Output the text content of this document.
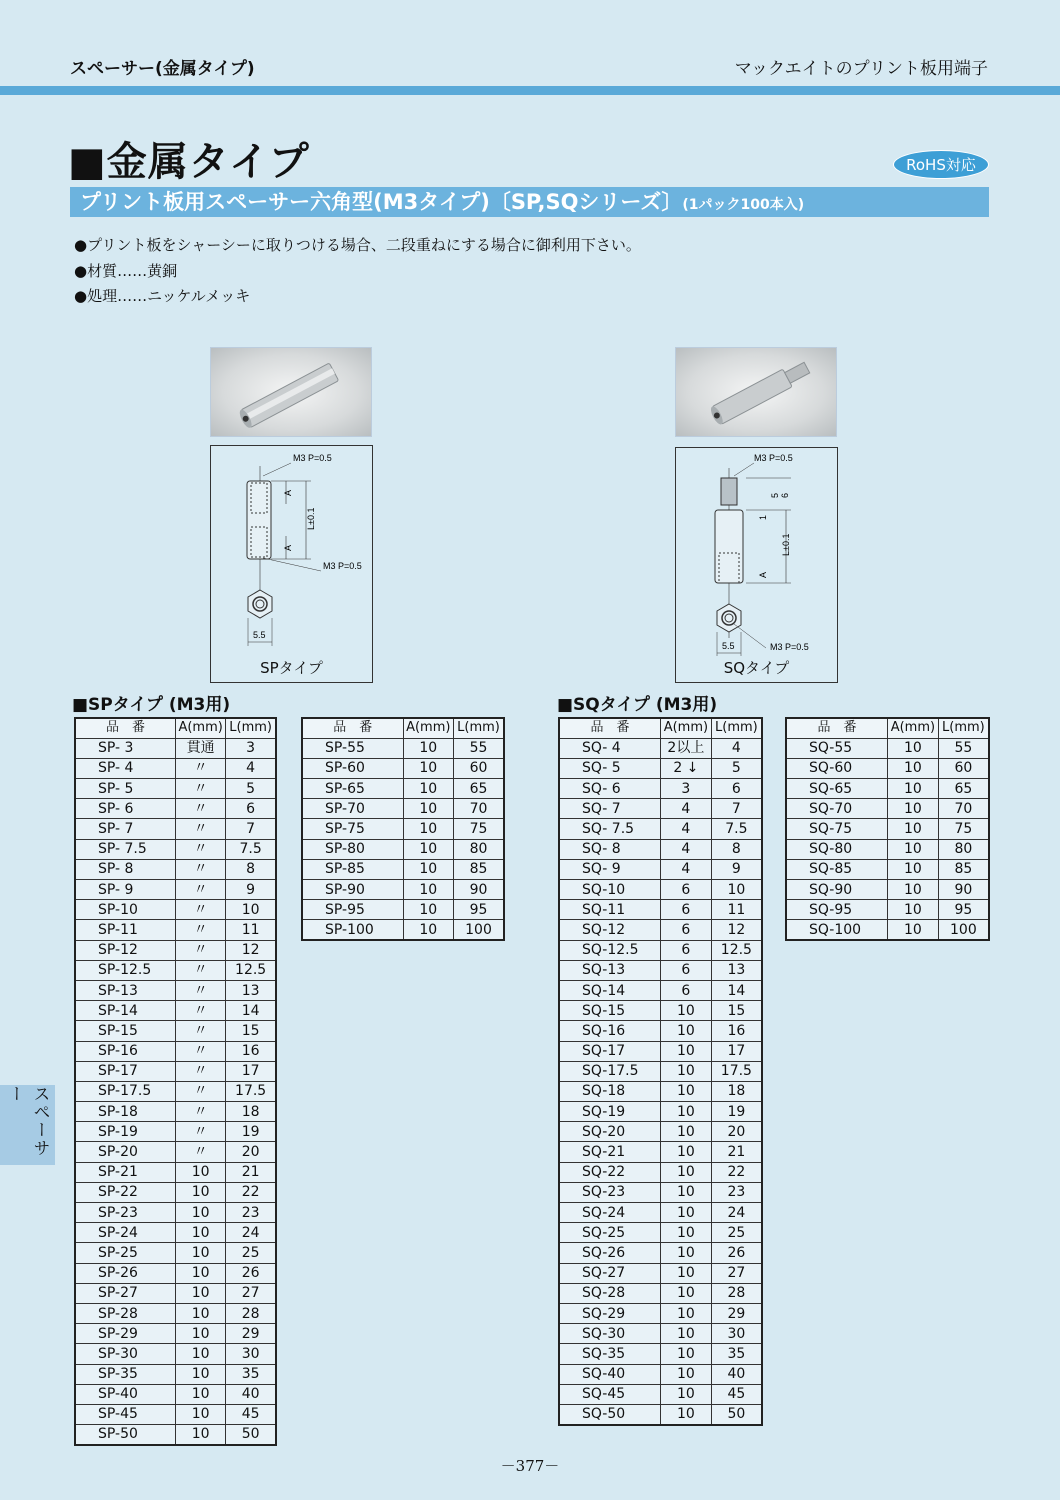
スペーサー(金属タイプ)	マックエイトのプリント板用端子
■金属タイプ	RoHS対応
プリント板用スペーサー六角型(M3タイプ)〔SP,SQシリーズ〕(1パック100本入)
●プリント板をシャーシーに取りつける場合、二段重ねにする場合に御利用下さい。
●材質……黄銅
●処理……ニッケルメッキ
A
A
L±0.1
M3 P=0.5
M3 P=0.5
5.5
SPタイプ
5 6
1
A
L±0.1
M3 P=0.5
M3 P=0.5
5.5
SQタイプ
■SPタイプ (M3用)	■SQタイプ (M3用)
品　番	A(mm)	L(mm)
SP- 3	貫通	3
SP- 4	〃	4
SP- 5	〃	5
SP- 6	〃	6
SP- 7	〃	7
SP- 7.5	〃	7.5
SP- 8	〃	8
SP- 9	〃	9
SP-10	〃	10
SP-11	〃	11
SP-12	〃	12
SP-12.5	〃	12.5
SP-13	〃	13
SP-14	〃	14
SP-15	〃	15
SP-16	〃	16
SP-17	〃	17
SP-17.5	〃	17.5
SP-18	〃	18
SP-19	〃	19
SP-20	〃	20
SP-21	10	21
SP-22	10	22
SP-23	10	23
SP-24	10	24
SP-25	10	25
SP-26	10	26
SP-27	10	27
SP-28	10	28
SP-29	10	29
SP-30	10	30
SP-35	10	35
SP-40	10	40
SP-45	10	45
SP-50	10	50
品　番	A(mm)	L(mm)
SP-55	10	55
SP-60	10	60
SP-65	10	65
SP-70	10	70
SP-75	10	75
SP-80	10	80
SP-85	10	85
SP-90	10	90
SP-95	10	95
SP-100	10	100
品　番	A(mm)	L(mm)
SQ- 4	2以上	4
SQ- 5	2 ↓	5
SQ- 6	3	6
SQ- 7	4	7
SQ- 7.5	4	7.5
SQ- 8	4	8
SQ- 9	4	9
SQ-10	6	10
SQ-11	6	11
SQ-12	6	12
SQ-12.5	6	12.5
SQ-13	6	13
SQ-14	6	14
SQ-15	10	15
SQ-16	10	16
SQ-17	10	17
SQ-17.5	10	17.5
SQ-18	10	18
SQ-19	10	19
SQ-20	10	20
SQ-21	10	21
SQ-22	10	22
SQ-23	10	23
SQ-24	10	24
SQ-25	10	25
SQ-26	10	26
SQ-27	10	27
SQ-28	10	28
SQ-29	10	29
SQ-30	10	30
SQ-35	10	35
SQ-40	10	40
SQ-45	10	45
SQ-50	10	50
品　番	A(mm)	L(mm)
SQ-55	10	55
SQ-60	10	60
SQ-65	10	65
SQ-70	10	70
SQ-75	10	75
SQ-80	10	80
SQ-85	10	85
SQ-90	10	90
SQ-95	10	95
SQ-100	10	100
スペーサー
－377－
